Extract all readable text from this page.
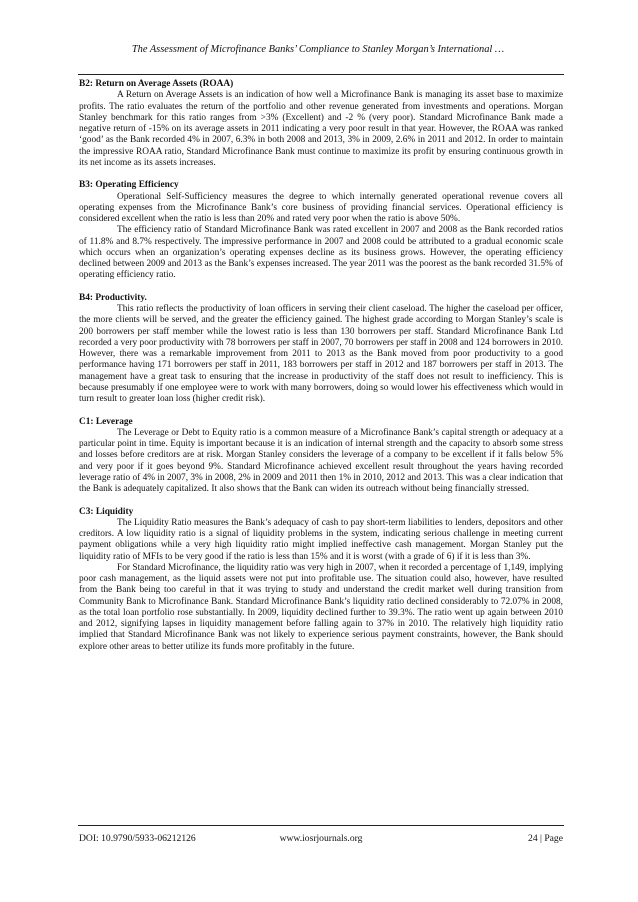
The Assessment of Microfinance Banks’ Compliance to Stanley Morgan’s International …
B2: Return on Average Assets (ROAA)

A Return on Average Assets is an indication of how well a Microfinance Bank is managing its asset base to maximize profits. The ratio evaluates the return of the portfolio and other revenue generated from investments and operations. Morgan Stanley benchmark for this ratio ranges from >3% (Excellent) and -2 % (very poor). Standard Microfinance Bank made a negative return of -15% on its average assets in 2011 indicating a very poor result in that year. However, the ROAA was ranked ‘good’ as the Bank recorded 4% in 2007, 6.3% in both 2008 and 2013, 3% in 2009, 2.6% in 2011 and 2012. In order to maintain the impressive ROAA ratio, Standard Microfinance Bank must continue to maximize its profit by ensuring continuous growth in its net income as its assets increases.

B3: Operating Efficiency

Operational Self-Sufficiency measures the degree to which internally generated operational revenue covers all operating expenses from the Microfinance Bank’s core business of providing financial services. Operational efficiency is considered excellent when the ratio is less than 20% and rated very poor when the ratio is above 50%.

The efficiency ratio of Standard Microfinance Bank was rated excellent in 2007 and 2008 as the Bank recorded ratios of 11.8% and 8.7% respectively. The impressive performance in 2007 and 2008 could be attributed to a gradual economic scale which occurs when an organization’s operating expenses decline as its business grows. However, the operating efficiency declined between 2009 and 2013 as the Bank’s expenses increased. The year 2011 was the poorest as the bank recorded 31.5% of operating efficiency ratio.

B4: Productivity.

This ratio reflects the productivity of loan officers in serving their client caseload. The higher the caseload per officer, the more clients will be served, and the greater the efficiency gained. The highest grade according to Morgan Stanley’s scale is 200 borrowers per staff member while the lowest ratio is less than 130 borrowers per staff. Standard Microfinance Bank Ltd recorded a very poor productivity with 78 borrowers per staff in 2007, 70 borrowers per staff in 2008 and 124 borrowers in 2010. However, there was a remarkable improvement from 2011 to 2013 as the Bank moved from poor productivity to a good performance having 171 borrowers per staff in 2011, 183 borrowers per staff in 2012 and 187 borrowers per staff in 2013. The management have a great task to ensuring that the increase in productivity of the staff does not result to inefficiency. This is because presumably if one employee were to work with many borrowers, doing so would lower his effectiveness which would in turn result to greater loan loss (higher credit risk).

C1: Leverage

The Leverage or Debt to Equity ratio is a common measure of a Microfinance Bank’s capital strength or adequacy at a particular point in time. Equity is important because it is an indication of internal strength and the capacity to absorb some stress and losses before creditors are at risk. Morgan Stanley considers the leverage of a company to be excellent if it falls below 5% and very poor if it goes beyond 9%. Standard Microfinance achieved excellent result throughout the years having recorded leverage ratio of 4% in 2007, 3% in 2008, 2% in 2009 and 2011 then 1% in 2010, 2012 and 2013. This was a clear indication that the Bank is adequately capitalized. It also shows that the Bank can widen its outreach without being financially stressed.

C3: Liquidity

The Liquidity Ratio measures the Bank’s adequacy of cash to pay short-term liabilities to lenders, depositors and other creditors. A low liquidity ratio is a signal of liquidity problems in the system, indicating serious challenge in meeting current payment obligations while a very high liquidity ratio might implied ineffective cash management. Morgan Stanley put the liquidity ratio of MFIs to be very good if the ratio is less than 15% and it is worst (with a grade of 6) if it is less than 3%.

For Standard Microfinance, the liquidity ratio was very high in 2007, when it recorded a percentage of 1,149, implying poor cash management, as the liquid assets were not put into profitable use. The situation could also, however, have resulted from the Bank being too careful in that it was trying to study and understand the credit market well during transition from Community Bank to Microfinance Bank. Standard Microfinance Bank’s liquidity ratio declined considerably to 72.07% in 2008, as the total loan portfolio rose substantially. In 2009, liquidity declined further to 39.3%. The ratio went up again between 2010 and 2012, signifying lapses in liquidity management before falling again to 37% in 2010. The relatively high liquidity ratio implied that Standard Microfinance Bank was not likely to experience serious payment constraints, however, the Bank should explore other areas to better utilize its funds more profitably in the future.

DOI: 10.9790/5933-06212126	www.iosrjournals.org	24 | Page
